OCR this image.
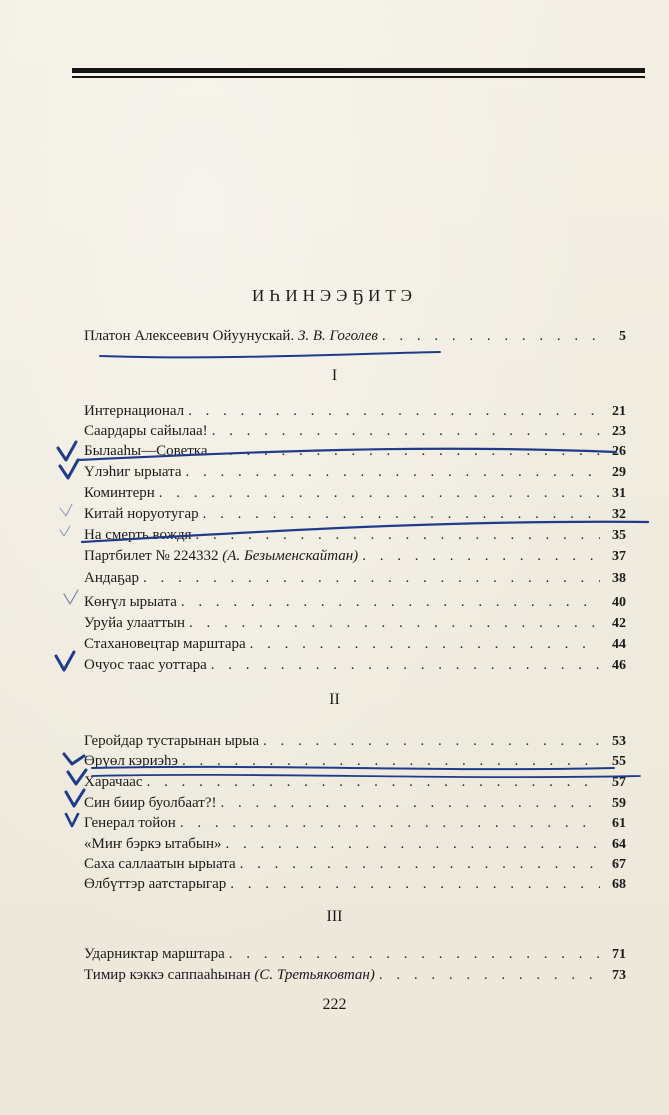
ИҺИНЭЭҔИТЭ
Платон Алексеевич Ойуунускай. З. В. Гоголев . . .	5
I
Интернационал . . .	21
Саардары сайылаа! . . .	23
Былааһы—Советка . . .	26
Үлэһиг ырыата . . .	29
Коминтерн . . .	31
Китай норуотугар . . .	32
На смерть вождя . . .	35
Партбилет № 224332 (А. Безыменскайтан) . . .	37
Андаҕар . . .	38
Көҥүл ырыата . . .	40
Уруйа улааттын . . .	42
Стахановецтар марштара . . .	44
Очуос таас уоттара . . .	46
II
Геройдар тустарынан ырыа . . .	53
Өрүөл кэриэһэ . . .	55
Харачаас . . .	57
Син биир буолбаат?! . . .	59
Генерал тойон . . .	61
«Миҥ бэркэ ытабын» . . .	64
Саха саллаатын ырыата . . .	67
Өлбүттэр аатстарыгар . . .	68
III
Ударниктар марштара . . .	71
Тимир кэккэ саппааһынан (С. Третьяковтан) . . .	73
222
